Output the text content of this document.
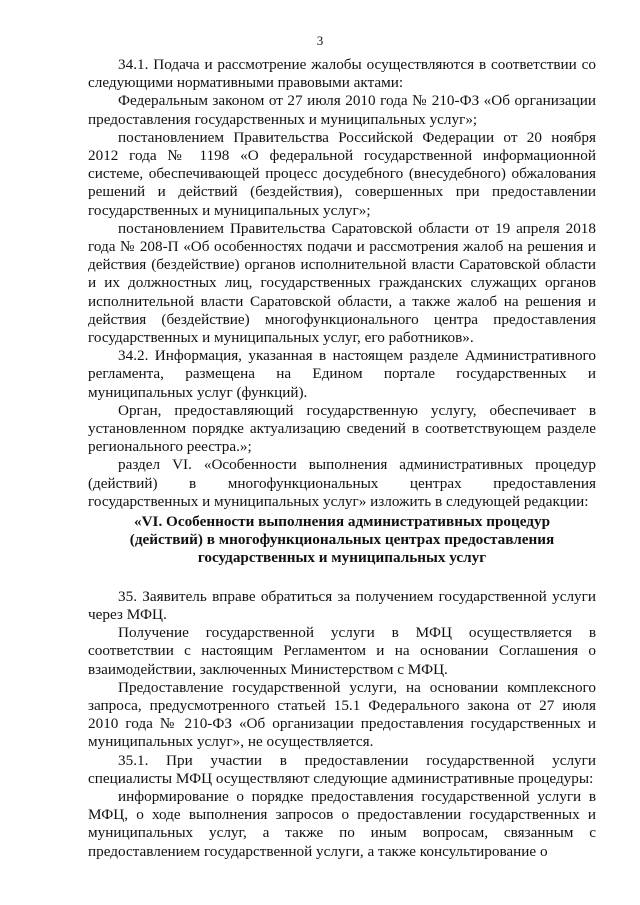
3

34.1. Подача и рассмотрение жалобы осуществляются в соответствии со следующими нормативными правовыми актами:

Федеральным законом от 27 июля 2010 года № 210-ФЗ «Об организации предоставления государственных и муниципальных услуг»;

постановлением Правительства Российской Федерации от 20 ноября 2012 года № 1198 «О федеральной государственной информационной системе, обеспечивающей процесс досудебного (внесудебного) обжалования решений и действий (бездействия), совершенных при предоставлении государственных и муниципальных услуг»;

постановлением Правительства Саратовской области от 19 апреля 2018 года № 208-П «Об особенностях подачи и рассмотрения жалоб на решения и действия (бездействие) органов исполнительной власти Саратовской области и их должностных лиц, государственных гражданских служащих органов исполнительной власти Саратовской области, а также жалоб на решения и действия (бездействие) многофункционального центра предоставления государственных и муниципальных услуг, его работников».

34.2. Информация, указанная в настоящем разделе Административного регламента, размещена на Едином портале государственных и муниципальных услуг (функций).

Орган, предоставляющий государственную услугу, обеспечивает в установленном порядке актуализацию сведений в соответствующем разделе регионального реестра.»;

раздел VI. «Особенности выполнения административных процедур (действий) в многофункциональных центрах предоставления государственных и муниципальных услуг» изложить в следующей редакции:

«VI. Особенности выполнения административных процедур
(действий) в многофункциональных центрах предоставления
государственных и муниципальных услуг

35. Заявитель вправе обратиться за получением государственной услуги через МФЦ.

Получение государственной услуги в МФЦ осуществляется в соответствии с настоящим Регламентом и на основании Соглашения о взаимодействии, заключенных Министерством с МФЦ.

Предоставление государственной услуги, на основании комплексного запроса, предусмотренного статьей 15.1 Федерального закона от 27 июля 2010 года № 210-ФЗ «Об организации предоставления государственных и муниципальных услуг», не осуществляется.

35.1. При участии в предоставлении государственной услуги специалисты МФЦ осуществляют следующие административные процедуры:

информирование о порядке предоставления государственной услуги в МФЦ, о ходе выполнения запросов о предоставлении государственных и муниципальных услуг, а также по иным вопросам, связанным с предоставлением государственной услуги, а также консультирование о
